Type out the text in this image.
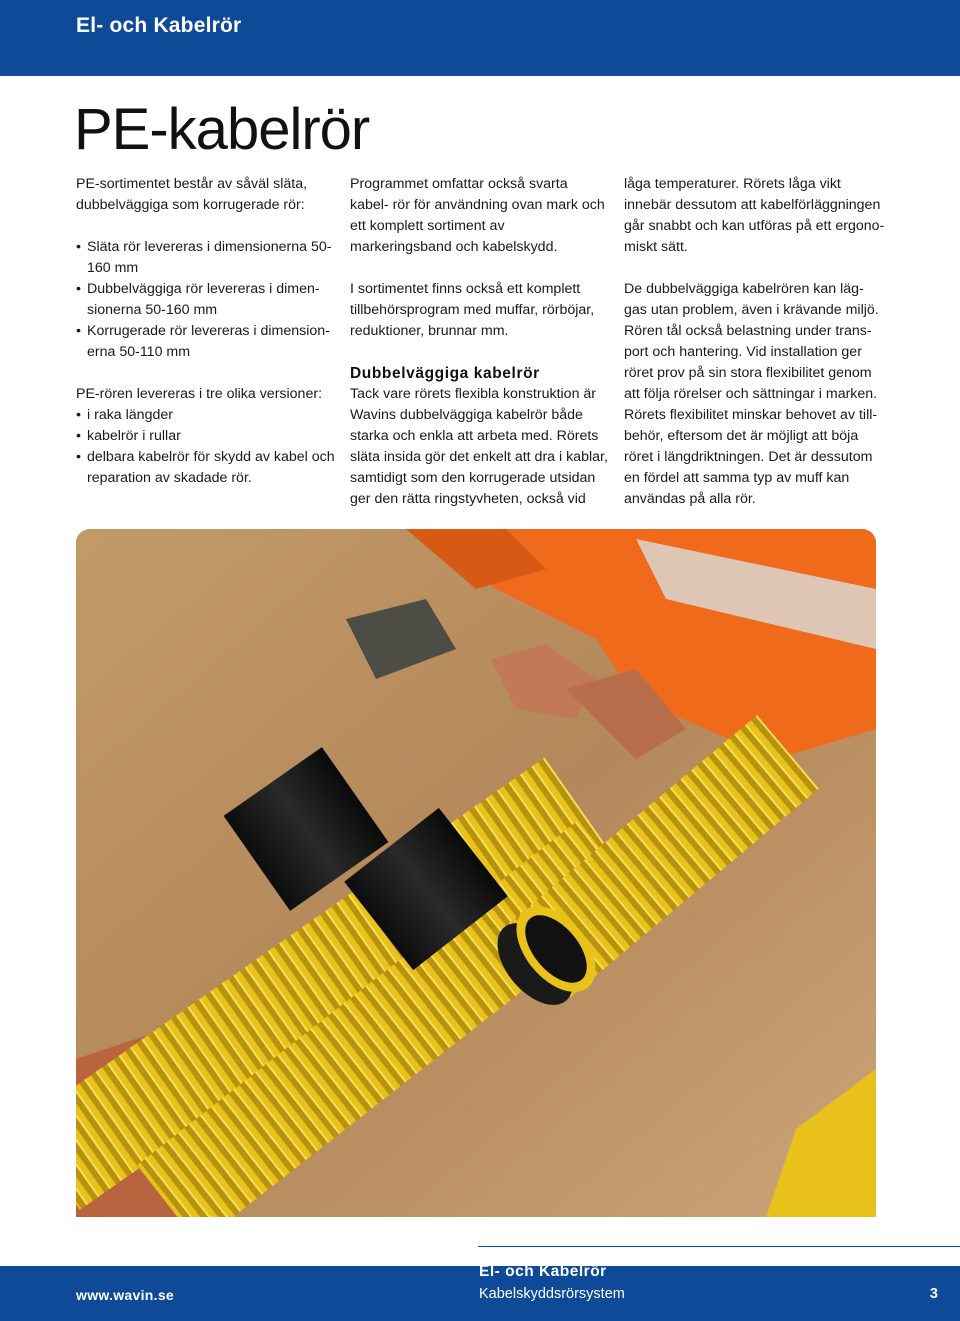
El- och Kabelrör
PE-kabelrör

PE-sortimentet består av såväl släta, dubbelväggiga som korrugerade rör:

• Släta rör levereras i dimensionerna 50-160 mm
• Dubbelväggiga rör levereras i dimen- sionerna 50-160 mm
• Korrugerade rör levereras i dimension- erna 50-110 mm

PE-rören levereras i tre olika versioner:

• i raka längder
• kabelrör i rullar
• delbara kabelrör för skydd av kabel och reparation av skadade rör.

Programmet omfattar också svarta kabel- rör för användning ovan mark och ett komplett sortiment av markeringsband och kabelskydd.

I sortimentet finns också ett komplett tillbehörsprogram med muffar, rörböjar, reduktioner, brunnar mm.

Dubbelväggiga kabelrör

Tack vare rörets flexibla konstruktion är Wavins dubbelväggiga kabelrör både starka och enkla att arbeta med. Rörets släta insida gör det enkelt att dra i kablar, samtidigt som den korrugerade utsidan ger den rätta ringstyvheten, också vid

låga temperaturer. Rörets låga vikt innebär dessutom att kabelförläggningen går snabbt och kan utföras på ett ergono- miskt sätt.

De dubbelväggiga kabelrören kan läg- gas utan problem, även i krävande miljö. Rören tål också belastning under trans- port och hantering. Vid installation ger röret prov på sin stora flexibilitet genom att följa rörelser och sättningar i marken. Rörets flexibilitet minskar behovet av till- behör, eftersom det är möjligt att böja röret i längdriktningen. Det är dessutom en fördel att samma typ av muff kan användas på alla rör.

www.wavin.se
El- och Kabelrör
Kabelskyddsrörsystem	3
